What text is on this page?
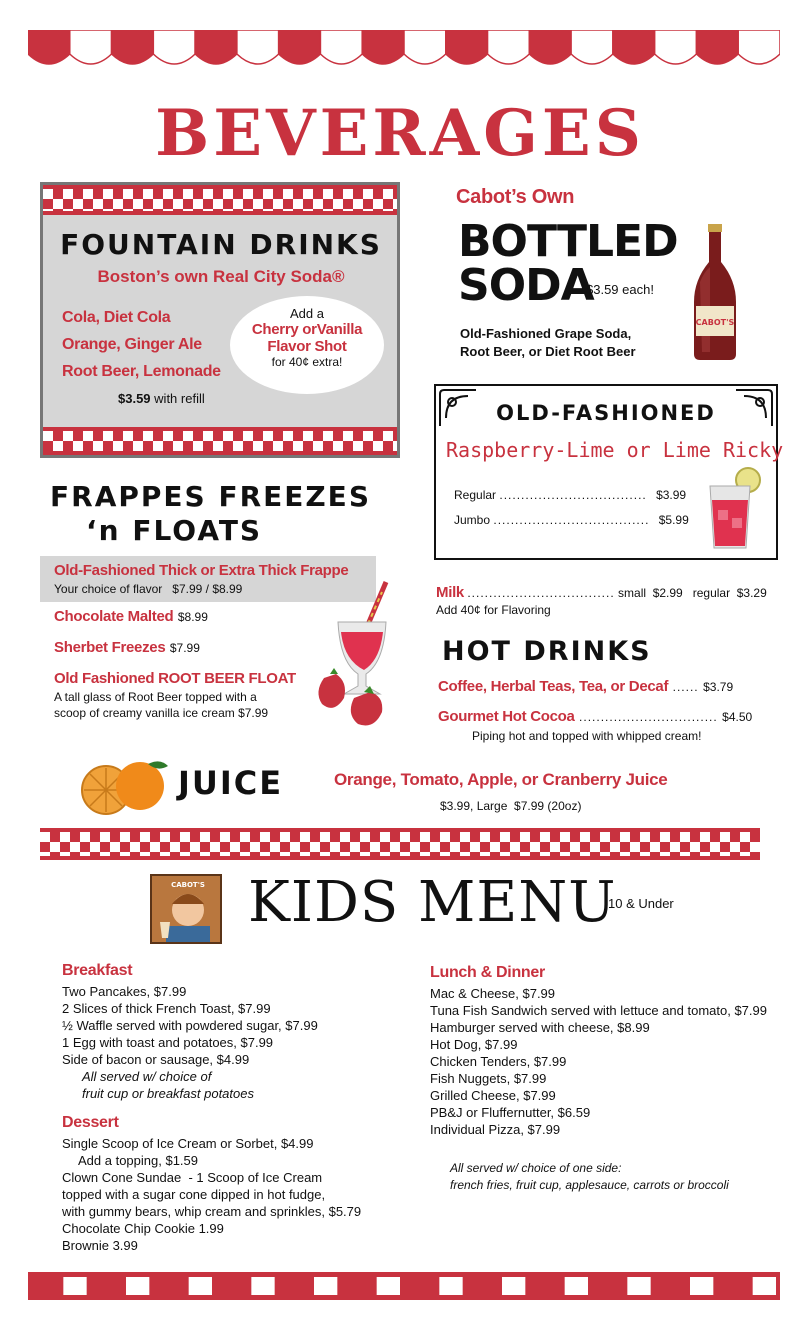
BEVERAGES
FOUNTAIN DRINKS
Boston’s own Real City Soda®
Cola, Diet Cola
Orange, Ginger Ale
Root Beer, Lemonade
$3.59 with refill
Add a
Cherry orVanilla
Flavor Shot
for 40¢ extra!
Cabot’s Own
BOTTLED
SODA
$3.59 each!
Old-Fashioned Grape Soda,
Root Beer, or Diet Root Beer
CABOT'S
OLD-FASHIONED
Raspberry-Lime or Lime Ricky
Regular .................................. $3.99
Jumbo .................................... $5.99
FRAPPES FREEZES
‘n FLOATS
Old-Fashioned Thick or Extra Thick Frappe
Your choice of flavor   $7.99 / $8.99
Chocolate Malted $8.99
Sherbet Freezes $7.99
Old Fashioned ROOT BEER FLOAT
A tall glass of Root Beer topped with a
scoop of creamy vanilla ice cream $7.99
Milk .................................. small  $2.99   regular  $3.29
Add 40¢ for Flavoring
HOT DRINKS
Coffee, Herbal Teas, Tea, or Decaf ...... $3.79
Gourmet Hot Cocoa ................................ $4.50
Piping hot and topped with whipped cream!
JUICE	Orange, Tomato, Apple, or Cranberry Juice
$3.99, Large  $7.99 (20oz)
CABOT'S KIDS MENU
10 & Under
Breakfast
Two Pancakes, $7.99
2 Slices of thick French Toast, $7.99
½ Waffle served with powdered sugar, $7.99
1 Egg with toast and potatoes, $7.99
Side of bacon or sausage, $4.99
All served w/ choice of
fruit cup or breakfast potatoes
Dessert
Single Scoop of Ice Cream or Sorbet, $4.99
Add a topping, $1.59
Clown Cone Sundae  - 1 Scoop of Ice Cream
topped with a sugar cone dipped in hot fudge,
with gummy bears, whip cream and sprinkles, $5.79
Chocolate Chip Cookie 1.99
Brownie 3.99
Lunch & Dinner
Mac & Cheese, $7.99
Tuna Fish Sandwich served with lettuce and tomato, $7.99
Hamburger served with cheese, $8.99
Hot Dog, $7.99
Chicken Tenders, $7.99
Fish Nuggets, $7.99
Grilled Cheese, $7.99
PB&J or Fluffernutter, $6.59
Individual Pizza, $7.99
All served w/ choice of one side:
french fries, fruit cup, applesauce, carrots or broccoli
